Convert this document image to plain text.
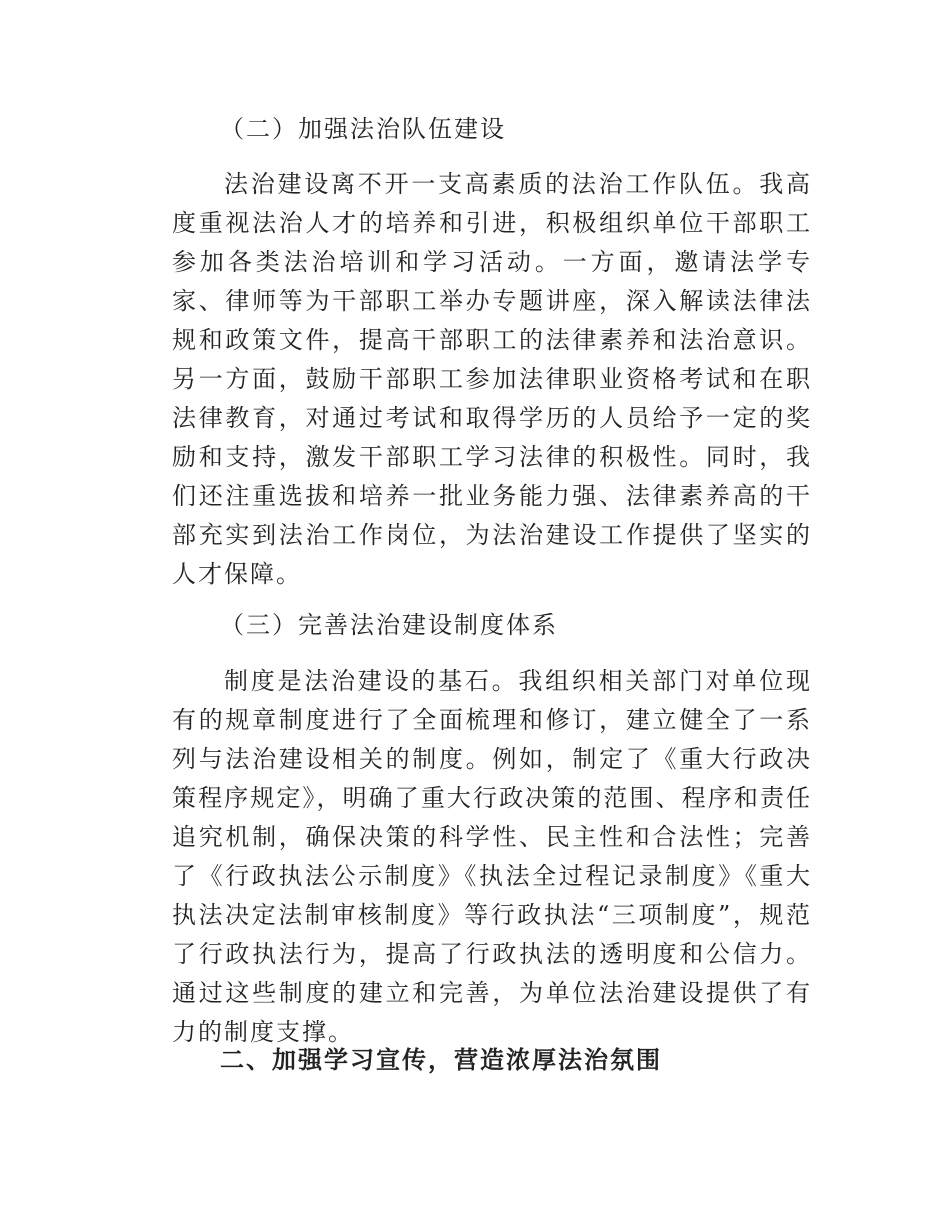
（二）加强法治队伍建设

法治建设离不开一支高素质的法治工作队伍。我高度重视法治人才的培养和引进，积极组织单位干部职工参加各类法治培训和学习活动。一方面，邀请法学专家、律师等为干部职工举办专题讲座，深入解读法律法规和政策文件，提高干部职工的法律素养和法治意识。另一方面，鼓励干部职工参加法律职业资格考试和在职法律教育，对通过考试和取得学历的人员给予一定的奖励和支持，激发干部职工学习法律的积极性。同时，我们还注重选拔和培养一批业务能力强、法律素养高的干部充实到法治工作岗位，为法治建设工作提供了坚实的人才保障。

（三）完善法治建设制度体系

制度是法治建设的基石。我组织相关部门对单位现有的规章制度进行了全面梳理和修订，建立健全了一系列与法治建设相关的制度。例如，制定了《重大行政决策程序规定》，明确了重大行政决策的范围、程序和责任追究机制，确保决策的科学性、民主性和合法性；完善了《行政执法公示制度》《执法全过程记录制度》《重大执法决定法制审核制度》等行政执法“三项制度”，规范了行政执法行为，提高了行政执法的透明度和公信力。通过这些制度的建立和完善，为单位法治建设提供了有力的制度支撑。

二、加强学习宣传，营造浓厚法治氛围
